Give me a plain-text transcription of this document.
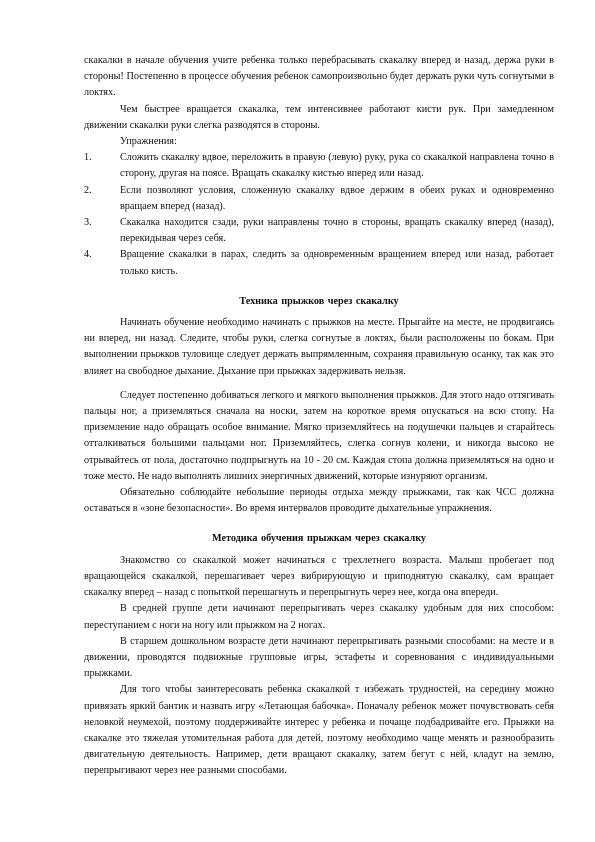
скакалки в начале обучения учите ребенка только перебрасывать скакалку вперед и назад, держа руки в стороны! Постепенно в процессе обучения ребенок самопроизвольно будет держать руки чуть согнутыми в локтях.

Чем быстрее вращается скакалка, тем интенсивнее работают кисти рук. При замедленном движении скакалки руки слегка разводятся в стороны.

Упражнения:

1.	Сложить скакалку вдвое, переложить в правую (левую) руку, рука со скакалкой направлена точно в сторону, другая на поясе. Вращать скакалку кистью вперед или назад.
2.	Если позволяют условия, сложенную скакалку вдвое держим в обеих руках и одновременно вращаем вперед (назад).
3.	Скакалка находится сзади, руки направлены точно в стороны, вращать скакалку вперед (назад), перекидывая через себя.
4.	Вращение скакалки в парах, следить за одновременным вращением вперед или назад, работает только кисть.

Техника прыжков через скакалку

Начинать обучение необходимо начинать с прыжков на месте. Прыгайте на месте, не продвигаясь ни вперед, ни назад. Следите, чтобы руки, слегка согнутые в локтях, были расположены по бокам. При выполнении прыжков туловище следует держать выпрямленным, сохраняя правильную осанку, так как это влияет на свободное дыхание. Дыхание при прыжках задерживать нельзя.

Следует постепенно добиваться легкого и мягкого выполнения прыжков. Для этого надо оттягивать пальцы ног, а приземляться сначала на носки, затем на короткое время опускаться на всю стопу. На приземление надо обращать особое внимание. Мягко приземляйтесь на подушечки пальцев и старайтесь отталкиваться большими пальцами ног. Приземляйтесь, слегка согнув колени, и никогда высоко не отрывайтесь от пола, достаточно подпрыгнуть на 10 - 20 см. Каждая стопа должна приземляться на одно и тоже место. Не надо выполнять лишних энергичных движений, которые изнуряют организм.

Обязательно соблюдайте небольшие периоды отдыха между прыжками, так как ЧСС должна оставаться в «зоне безопасности». Во время интервалов проводите дыхательные упражнения.

Методика обучения прыжкам через скакалку

Знакомство со скакалкой может начинаться с трехлетнего возраста. Малыш пробегает под вращающейся скакалкой, перешагивает через вибрирующую и приподнятую скакалку, сам вращает скакалку вперед – назад с попыткой перешагнуть и перепрыгнуть через нее, когда она впереди.

В средней группе дети начинают перепрыгивать через скакалку удобным для них способом: переступанием с ноги на ногу или прыжком на 2 ногах.

В старшем дошкольном возрасте дети начинают перепрыгивать разными способами: на месте и в движении, проводятся подвижные групповые игры, эстафеты и соревнования с индивидуальными прыжками.

Для того чтобы заинтересовать ребенка скакалкой т избежать трудностей, на середину можно привязать яркий бантик и назвать игру «Летающая бабочка». Поначалу ребенок может почувствовать себя неловкой неумехой, поэтому поддерживайте интерес у ребенка и почаще подбадривайте его. Прыжки на скакалке это тяжелая утомительная работа для детей, поэтому необходимо чаще менять и разнообразить двигательную деятельность. Например, дети вращают скакалку, затем бегут с ней, кладут на землю, перепрыгивают через нее разными способами.
